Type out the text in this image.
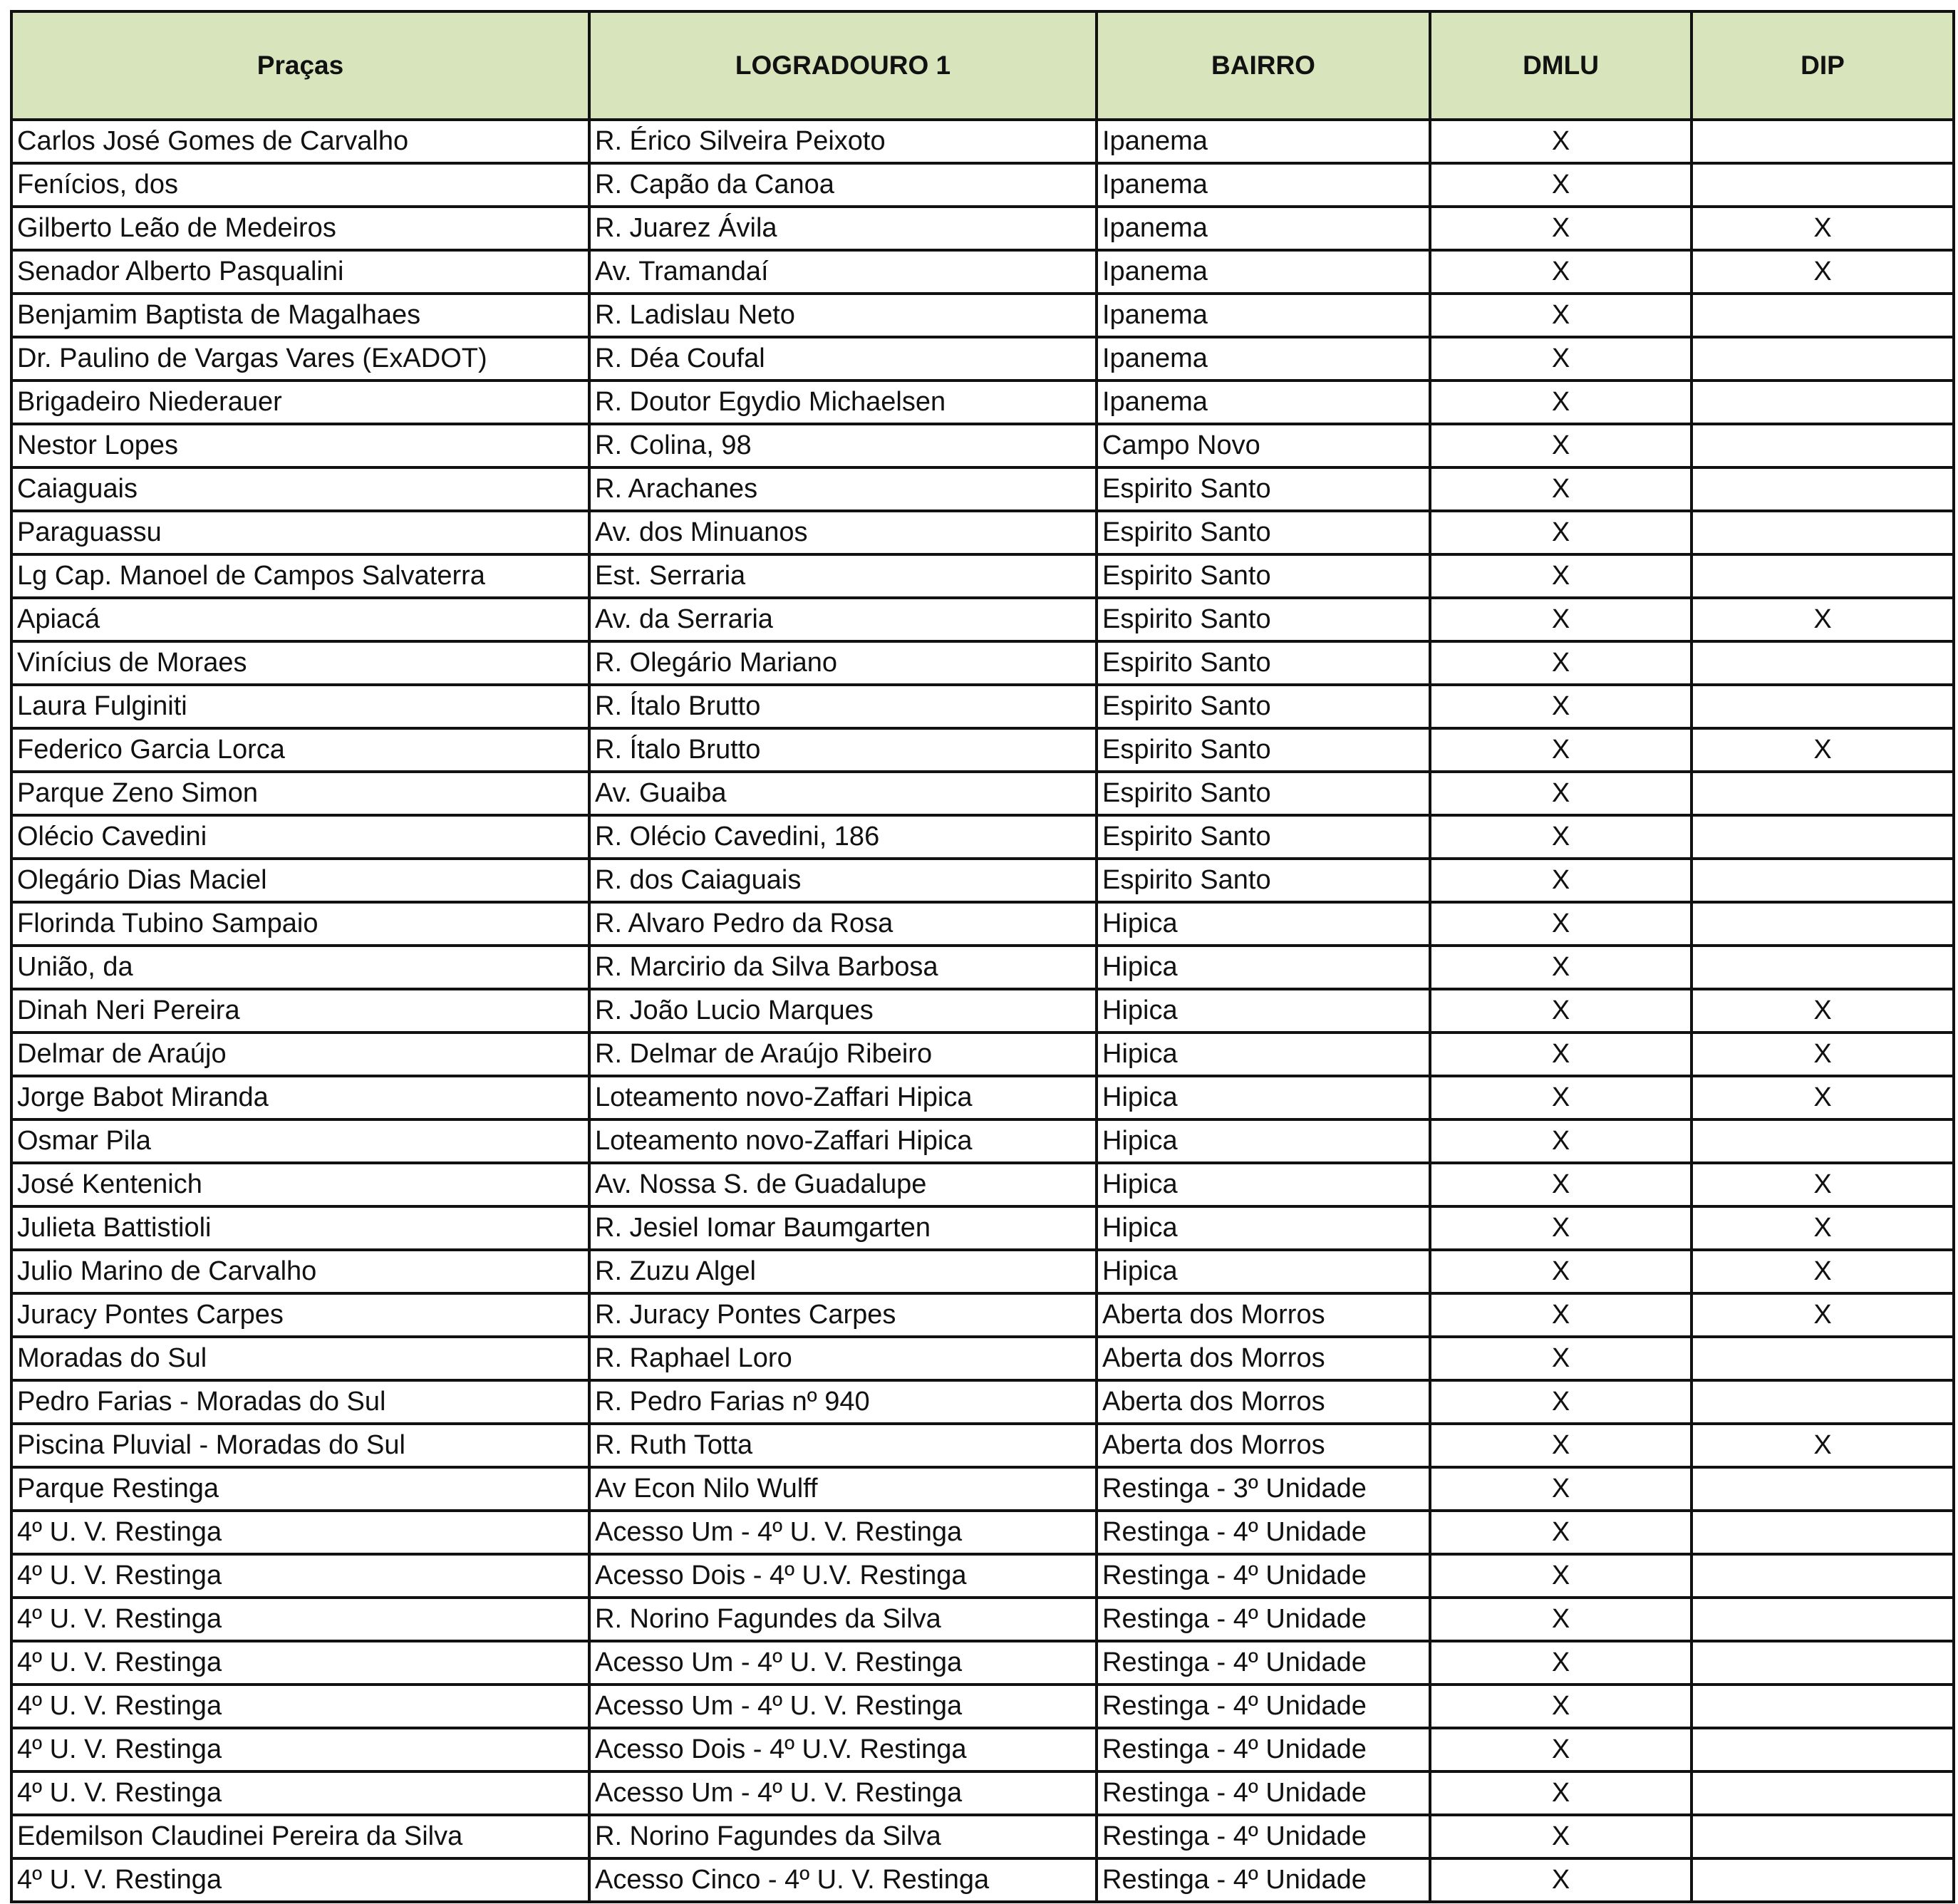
Praças	LOGRADOURO 1	BAIRRO	DMLU	DIP
Carlos José Gomes de Carvalho	R. Érico Silveira Peixoto	Ipanema	X	
Fenícios, dos	R. Capão da Canoa	Ipanema	X	
Gilberto Leão de Medeiros	R. Juarez Ávila	Ipanema	X	X
Senador Alberto Pasqualini	Av. Tramandaí	Ipanema	X	X
Benjamim Baptista de Magalhaes	R. Ladislau Neto	Ipanema	X	
Dr. Paulino de Vargas Vares (ExADOT)	R. Déa Coufal	Ipanema	X	
Brigadeiro Niederauer	R. Doutor Egydio Michaelsen	Ipanema	X	
Nestor Lopes	R. Colina, 98	Campo Novo	X	
Caiaguais	R. Arachanes	Espirito Santo	X	
Paraguassu	Av. dos Minuanos	Espirito Santo	X	
Lg Cap. Manoel de Campos Salvaterra	Est. Serraria	Espirito Santo	X	
Apiacá	Av. da Serraria	Espirito Santo	X	X
Vinícius de Moraes	R. Olegário Mariano	Espirito Santo	X	
Laura Fulginiti	R. Ítalo Brutto	Espirito Santo	X	
Federico Garcia Lorca	R. Ítalo Brutto	Espirito Santo	X	X
Parque Zeno Simon	Av. Guaiba	Espirito Santo	X	
Olécio Cavedini	R. Olécio Cavedini, 186	Espirito Santo	X	
Olegário Dias Maciel	R. dos Caiaguais	Espirito Santo	X	
Florinda Tubino Sampaio	R. Alvaro Pedro da Rosa	Hipica	X	
União, da	R. Marcirio da Silva Barbosa	Hipica	X	
Dinah Neri Pereira	R. João Lucio Marques	Hipica	X	X
Delmar de Araújo	R. Delmar de Araújo Ribeiro	Hipica	X	X
Jorge Babot Miranda	Loteamento novo-Zaffari Hipica	Hipica	X	X
Osmar Pila	Loteamento novo-Zaffari Hipica	Hipica	X	
José Kentenich	Av. Nossa S. de Guadalupe	Hipica	X	X
Julieta Battistioli	R. Jesiel Iomar Baumgarten	Hipica	X	X
Julio Marino de Carvalho	R. Zuzu Algel	Hipica	X	X
Juracy Pontes Carpes	R. Juracy Pontes Carpes	Aberta dos Morros	X	X
Moradas do Sul	R. Raphael Loro	Aberta dos Morros	X	
Pedro Farias - Moradas do Sul	R. Pedro Farias nº 940	Aberta dos Morros	X	
Piscina Pluvial - Moradas do Sul	R. Ruth Totta	Aberta dos Morros	X	X
Parque Restinga	Av Econ Nilo Wulff	Restinga - 3º Unidade	X	
4º U. V. Restinga	Acesso Um - 4º U. V. Restinga	Restinga - 4º Unidade	X	
4º U. V. Restinga	Acesso Dois - 4º U.V. Restinga	Restinga - 4º Unidade	X	
4º U. V. Restinga	R. Norino Fagundes da Silva	Restinga - 4º Unidade	X	
4º U. V. Restinga	Acesso Um - 4º U. V. Restinga	Restinga - 4º Unidade	X	
4º U. V. Restinga	Acesso Um - 4º U. V. Restinga	Restinga - 4º Unidade	X	
4º U. V. Restinga	Acesso Dois - 4º U.V. Restinga	Restinga - 4º Unidade	X	
4º U. V. Restinga	Acesso Um - 4º U. V. Restinga	Restinga - 4º Unidade	X	
Edemilson Claudinei Pereira da Silva	R. Norino Fagundes da Silva	Restinga - 4º Unidade	X	
4º U. V. Restinga	Acesso Cinco - 4º U. V. Restinga	Restinga - 4º Unidade	X	
